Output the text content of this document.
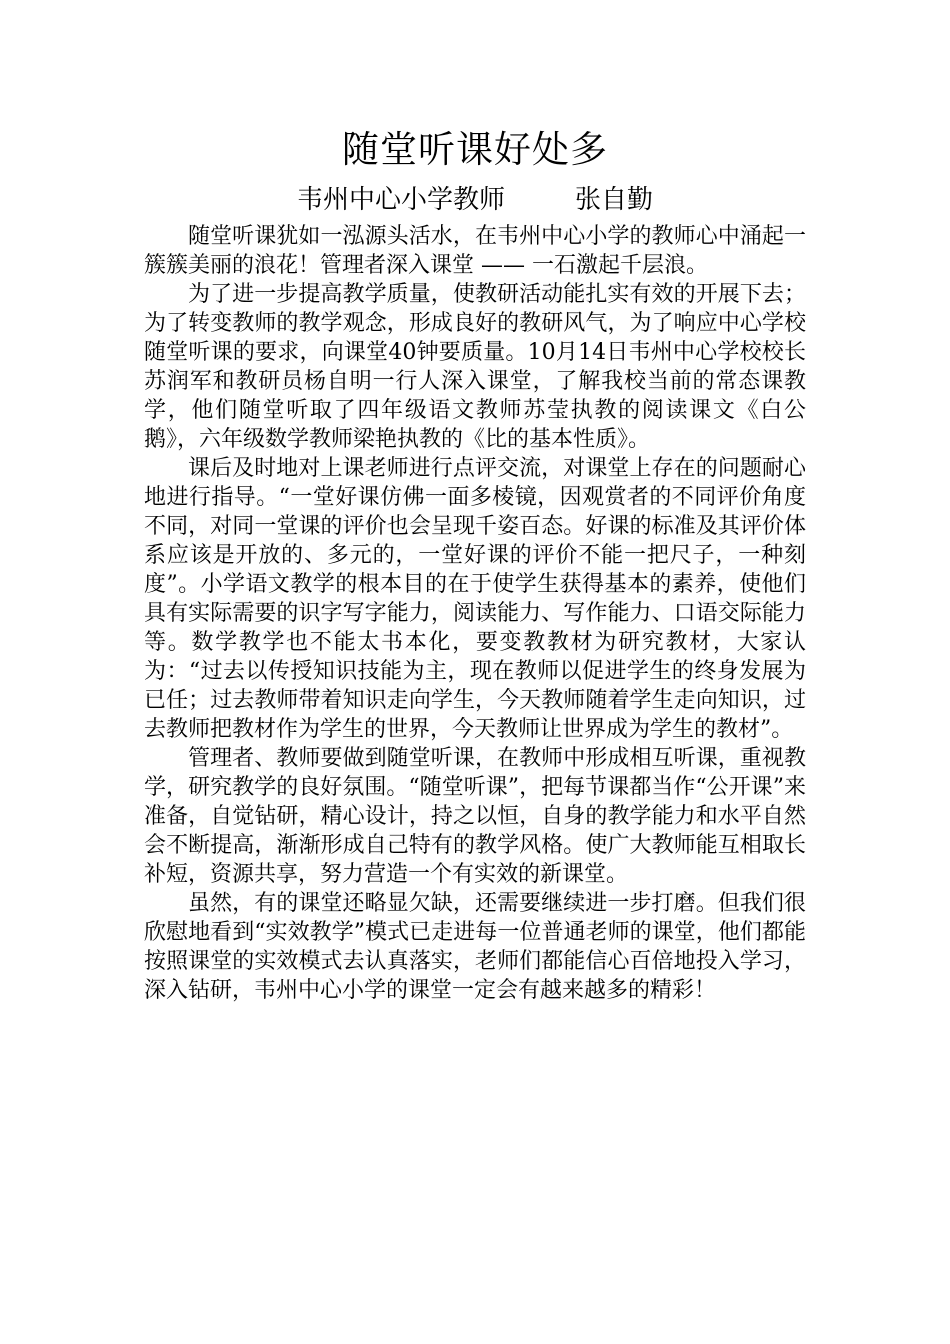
随堂听课好处多
韦州中心小学教师	张自勤

随堂听课犹如一泓源头活水，在韦州中心小学的教师心中涌起一簇簇美丽的浪花！管理者深入课堂 —— 一石激起千层浪。

为了进一步提高教学质量，使教研活动能扎实有效的开展下去；为了转变教师的教学观念，形成良好的教研风气，为了响应中心学校随堂听课的要求，向课堂40钟要质量。10月14日韦州中心学校校长苏润军和教研员杨自明一行人深入课堂，了解我校当前的常态课教学，他们随堂听取了四年级语文教师苏莹执教的阅读课文《白公鹅》，六年级数学教师梁艳执教的《比的基本性质》。

课后及时地对上课老师进行点评交流，对课堂上存在的问题耐心地进行指导。“一堂好课仿佛一面多棱镜，因观赏者的不同评价角度不同，对同一堂课的评价也会呈现千姿百态。好课的标准及其评价体系应该是开放的、多元的，一堂好课的评价不能一把尺子，一种刻度”。小学语文教学的根本目的在于使学生获得基本的素养，使他们具有实际需要的识字写字能力，阅读能力、写作能力、口语交际能力等。数学教学也不能太书本化，要变教教材为研究教材，大家认为：“过去以传授知识技能为主，现在教师以促进学生的终身发展为已任；过去教师带着知识走向学生，今天教师随着学生走向知识，过去教师把教材作为学生的世界，今天教师让世界成为学生的教材”。

管理者、教师要做到随堂听课，在教师中形成相互听课，重视教学，研究教学的良好氛围。“随堂听课”，把每节课都当作“公开课”来准备，自觉钻研，精心设计，持之以恒，自身的教学能力和水平自然会不断提高，渐渐形成自己特有的教学风格。使广大教师能互相取长补短，资源共享，努力营造一个有实效的新课堂。

虽然，有的课堂还略显欠缺，还需要继续进一步打磨。但我们很欣慰地看到“实效教学”模式已走进每一位普通老师的课堂，他们都能按照课堂的实效模式去认真落实，老师们都能信心百倍地投入学习，深入钻研，韦州中心小学的课堂一定会有越来越多的精彩！
